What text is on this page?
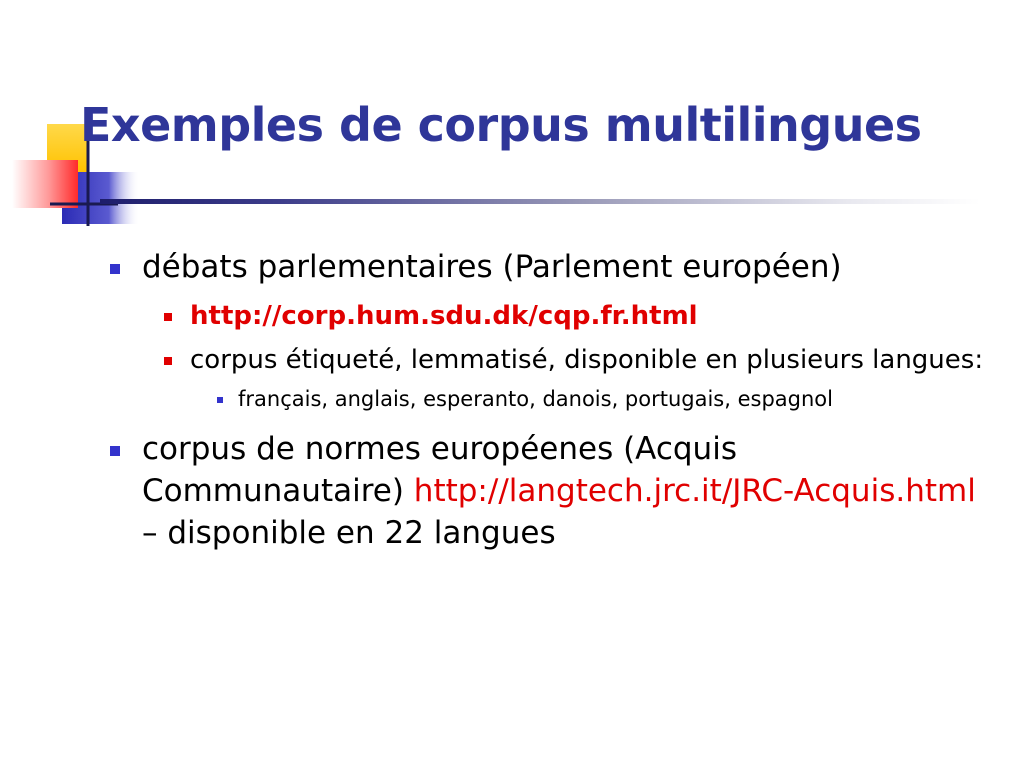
Exemples de corpus multilingues
débats parlementaires (Parlement européen)
http://corp.hum.sdu.dk/cqp.fr.html
corpus étiqueté, lemmatisé, disponible en plusieurs langues:
français, anglais, esperanto, danois, portugais, espagnol
corpus de normes européenes (Acquis Communautaire) http://langtech.jrc.it/JRC-Acquis.html – disponible en 22 langues
